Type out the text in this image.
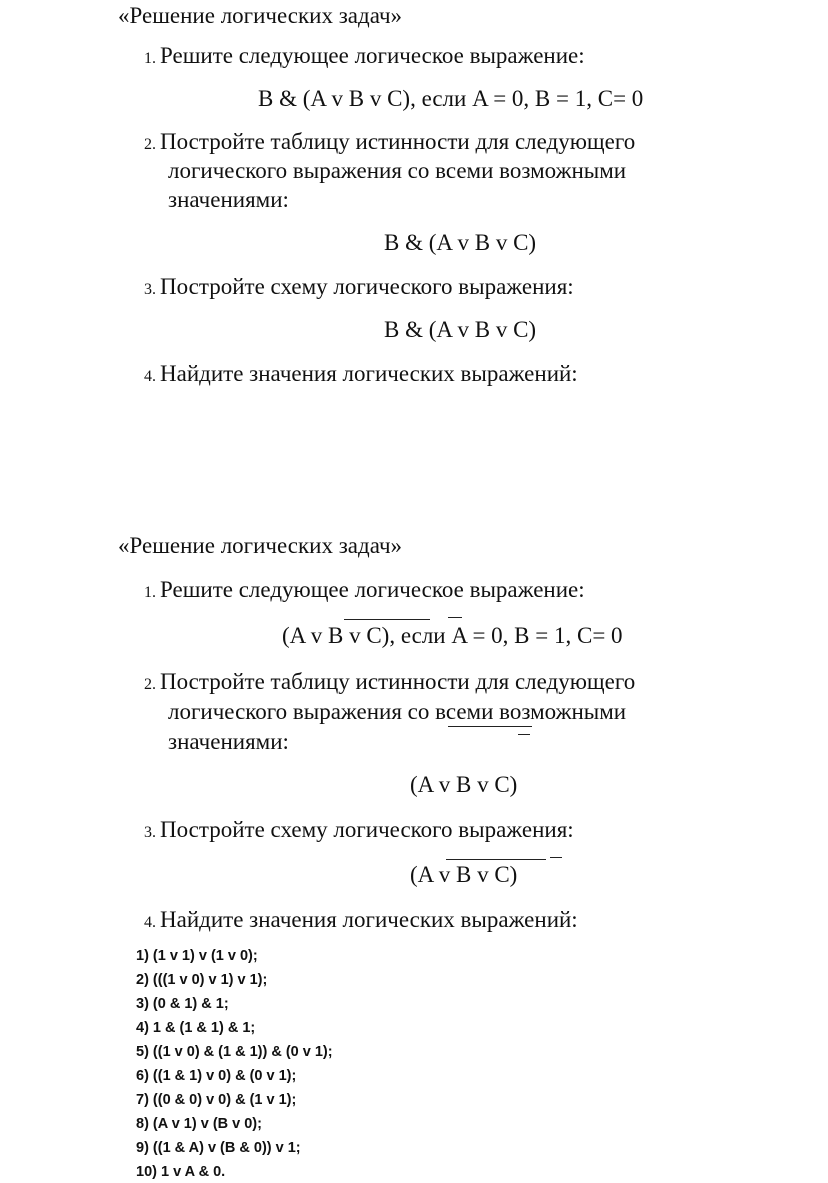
«Решение логических задач»
1. Решите следующее логическое выражение:
B & (A v B v C), если A = 0, B = 1, C= 0
2. Постройте таблицу истинности для следующего
логического выражения со всеми возможными
значениями:
B & (A v B v C)
3. Постройте схему логического выражения:
B & (A v B v C)
4. Найдите значения логических выражений:
«Решение логических задач»
1. Решите следующее логическое выражение:
(A v B v C), если A = 0, B = 1, C= 0
2. Постройте таблицу истинности для следующего
логического выражения со всеми возможными
значениями:
(A v B v C)
3. Постройте схему логического выражения:
(A v B v C)
4. Найдите значения логических выражений:
1) (1 v 1) v (1 v 0);
2) (((1 v 0) v 1) v 1);
3) (0 & 1) & 1;
4) 1 & (1 & 1) & 1;
5) ((1 v 0) & (1 & 1)) & (0 v 1);
6) ((1 & 1) v 0) & (0 v 1);
7) ((0 & 0) v 0) & (1 v 1);
8) (A v 1) v (B v 0);
9) ((1 & A) v (B & 0)) v 1;
10) 1 v A & 0.
